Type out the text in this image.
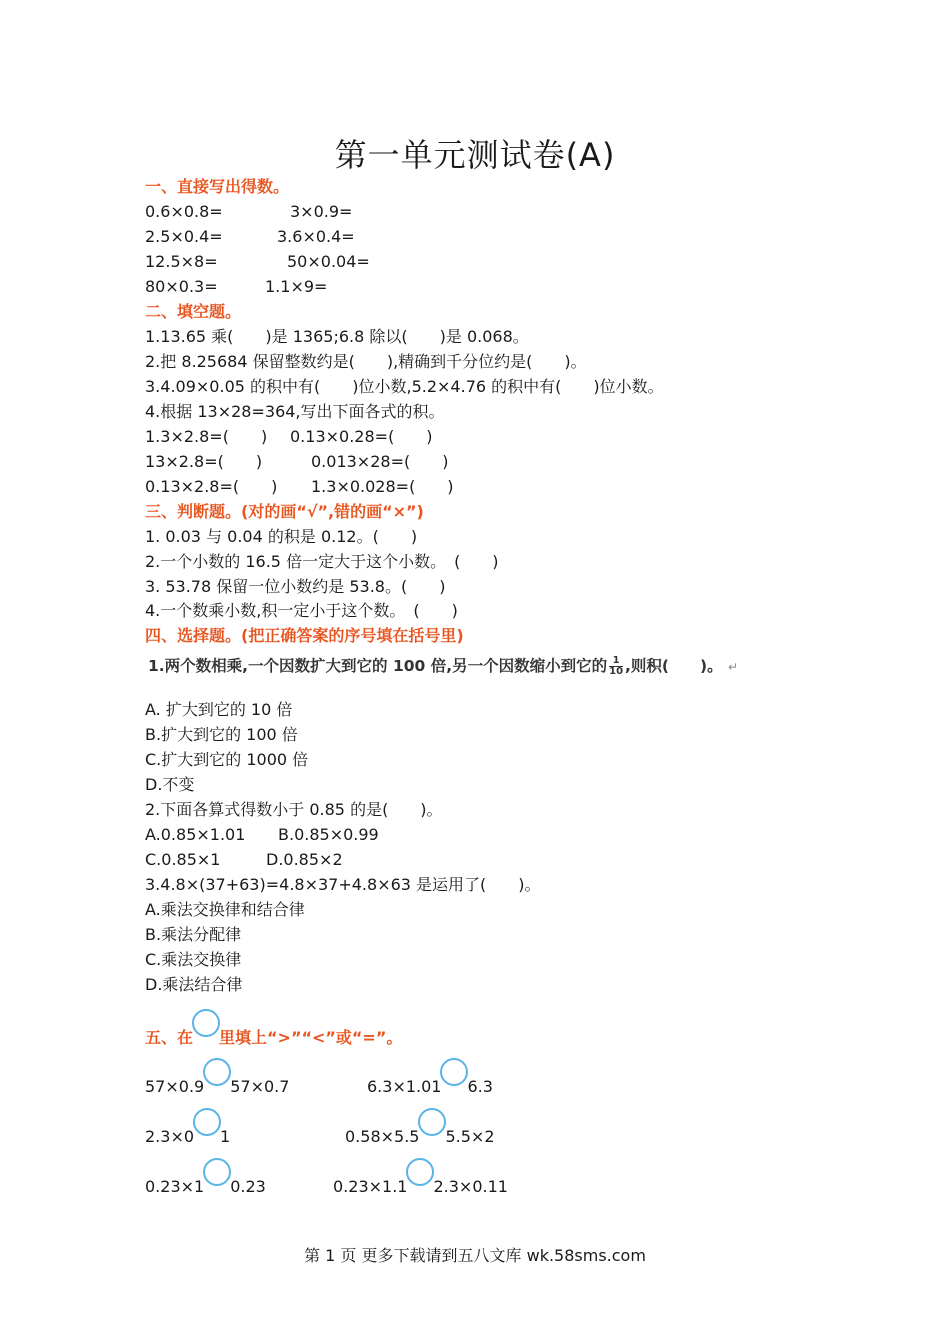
第一单元测试卷(A)
一、直接写出得数。
0.6×0.8=	3×0.9=
2.5×0.4=	3.6×0.4=
12.5×8=	50×0.04=
80×0.3=	1.1×9=
二、填空题。
1.13.65 乘(　　)是 1365;6.8 除以(　　)是 0.068。
2.把 8.25684 保留整数约是(　　),精确到千分位约是(　　)。
3.4.09×0.05 的积中有(　　)位小数,5.2×4.76 的积中有(　　)位小数。
4.根据 13×28=364,写出下面各式的积。
1.3×2.8=(　　) 0.13×0.28=(　　)
13×2.8=(　　)	0.013×28=(　　)
0.13×2.8=(　　) 1.3×0.028=(　　)
三、判断题。(对的画“√”,错的画“×”)
1. 0.03 与 0.04 的积是 0.12。(　　)
2.一个小数的 16.5 倍一定大于这个小数。　(　　)
3. 53.78 保留一位小数约是 53.8。(　　)
4.一个数乘小数,积一定小于这个数。　(　　)
四、选择题。(把正确答案的序号填在括号里)
1.两个数相乘,一个因数扩大到它的 100 倍,另一个因数缩小到它的 $\frac{1}{10}$ ,则积(　　)。 ↵
A. 扩大到它的 10 倍
B.扩大到它的 100 倍
C.扩大到它的 1000 倍
D.不变
2.下面各算式得数小于 0.85 的是(　　)。
A.0.85×1.01 B.0.85×0.99
C.0.85×1	D.0.85×2
3.4.8×(37+63)=4.8×37+4.8×63 是运用了(　　)。
A.乘法交换律和结合律
B.乘法分配律
C.乘法交换律
D.乘法结合律
五、在 里填上“>”“<”或“=”。
57×0.9 57×0.7	6.3×1.01 6.3
2.3×0 1	0.58×5.5 5.5×2
0.23×1 0.23	0.23×1.1 2.3×0.11
第 1 页 更多下载请到五八文库 wk.58sms.com
